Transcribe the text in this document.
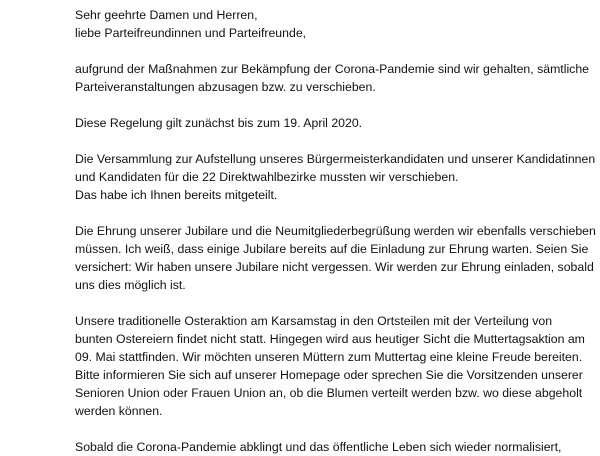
Sehr geehrte Damen und Herren,
liebe Parteifreundinnen und Parteifreunde,
aufgrund der Maßnahmen zur Bekämpfung der Corona-Pandemie sind wir gehalten, sämtliche
Parteiveranstaltungen abzusagen bzw. zu verschieben.
Diese Regelung gilt zunächst bis zum 19. April 2020.
Die Versammlung zur Aufstellung unseres Bürgermeisterkandidaten und unserer Kandidatinnen
und Kandidaten für die 22 Direktwahlbezirke mussten wir verschieben.
Das habe ich Ihnen bereits mitgeteilt.
Die Ehrung unserer Jubilare und die Neumitgliederbegrüßung werden wir ebenfalls verschieben
müssen. Ich weiß, dass einige Jubilare bereits auf die Einladung zur Ehrung warten. Seien Sie
versichert: Wir haben unsere Jubilare nicht vergessen. Wir werden zur Ehrung einladen, sobald
uns dies möglich ist.
Unsere traditionelle Osteraktion am Karsamstag in den Ortsteilen mit der Verteilung von
bunten Ostereiern findet nicht statt. Hingegen wird aus heutiger Sicht die Muttertagsaktion am
09. Mai stattfinden. Wir möchten unseren Müttern zum Muttertag eine kleine Freude bereiten.
Bitte informieren Sie sich auf unserer Homepage oder sprechen Sie die Vorsitzenden unserer
Senioren Union oder Frauen Union an, ob die Blumen verteilt werden bzw. wo diese abgeholt
werden können.
Sobald die Corona-Pandemie abklingt und das öffentliche Leben sich wieder normalisiert,
